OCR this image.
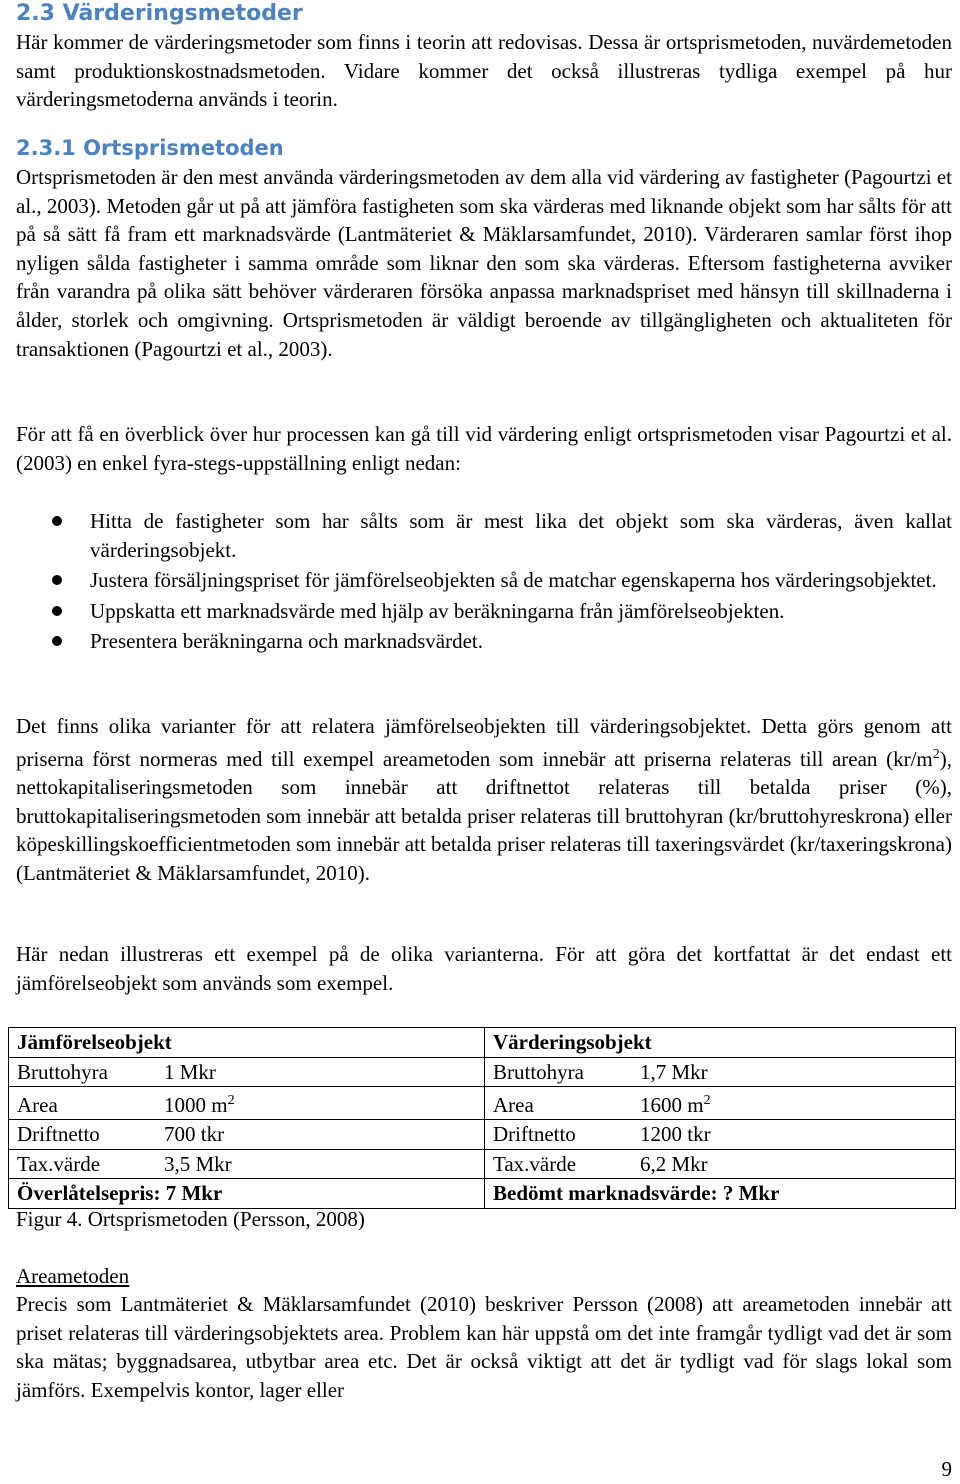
2.3 Värderingsmetoder
Här kommer de värderingsmetoder som finns i teorin att redovisas. Dessa är ortsprismetoden, nuvärdemetoden samt produktionskostnadsmetoden. Vidare kommer det också illustreras tydliga exempel på hur värderingsmetoderna används i teorin.
2.3.1 Ortsprismetoden
Ortsprismetoden är den mest använda värderingsmetoden av dem alla vid värdering av fastigheter (Pagourtzi et al., 2003). Metoden går ut på att jämföra fastigheten som ska värderas med liknande objekt som har sålts för att på så sätt få fram ett marknadsvärde (Lantmäteriet & Mäklarsamfundet, 2010). Värderaren samlar först ihop nyligen sålda fastigheter i samma område som liknar den som ska värderas. Eftersom fastigheterna avviker från varandra på olika sätt behöver värderaren försöka anpassa marknadspriset med hänsyn till skillnaderna i ålder, storlek och omgivning. Ortsprismetoden är väldigt beroende av tillgängligheten och aktualiteten för transaktionen (Pagourtzi et al., 2003).
För att få en överblick över hur processen kan gå till vid värdering enligt ortsprismetoden visar Pagourtzi et al. (2003) en enkel fyra-stegs-uppställning enligt nedan:
Hitta de fastigheter som har sålts som är mest lika det objekt som ska värderas, även kallat värderingsobjekt.
Justera försäljningspriset för jämförelseobjekten så de matchar egenskaperna hos värderingsobjektet.
Uppskatta ett marknadsvärde med hjälp av beräkningarna från jämförelseobjekten.
Presentera beräkningarna och marknadsvärdet.
Det finns olika varianter för att relatera jämförelseobjekten till värderingsobjektet. Detta görs genom att priserna först normeras med till exempel areametoden som innebär att priserna relateras till arean $(kr/m^2)$, nettokapitaliseringsmetoden som innebär att driftnettot relateras till betalda priser (%), bruttokapitaliseringsmetoden som innebär att betalda priser relateras till bruttohyran (kr/bruttohyreskrona) eller köpeskillingskoefficientmetoden som innebär att betalda priser relateras till taxeringsvärdet (kr/taxeringskrona) (Lantmäteriet & Mäklarsamfundet, 2010).
Här nedan illustreras ett exempel på de olika varianterna. För att göra det kortfattat är det endast ett jämförelseobjekt som används som exempel.
Jämförelseobjekt	Värderingsobjekt
Bruttohyra 1 Mkr	Bruttohyra 1,7 Mkr
Area 1000 $m^2$	Area 1600 $m^2$
Driftnetto 700 tkr	Driftnetto 1200 tkr
Tax.värde 3,5 Mkr	Tax.värde 6,2 Mkr
Överlåtelsepris: 7 Mkr	Bedömt marknadsvärde: ? Mkr
Figur 4. Ortsprismetoden (Persson, 2008)
Areametoden
Precis som Lantmäteriet & Mäklarsamfundet (2010) beskriver Persson (2008) att areametoden innebär att priset relateras till värderingsobjektets area. Problem kan här uppstå om det inte framgår tydligt vad det är som ska mätas; byggnadsarea, utbytbar area etc. Det är också viktigt att det är tydligt vad för slags lokal som jämförs. Exempelvis kontor, lager eller
9
